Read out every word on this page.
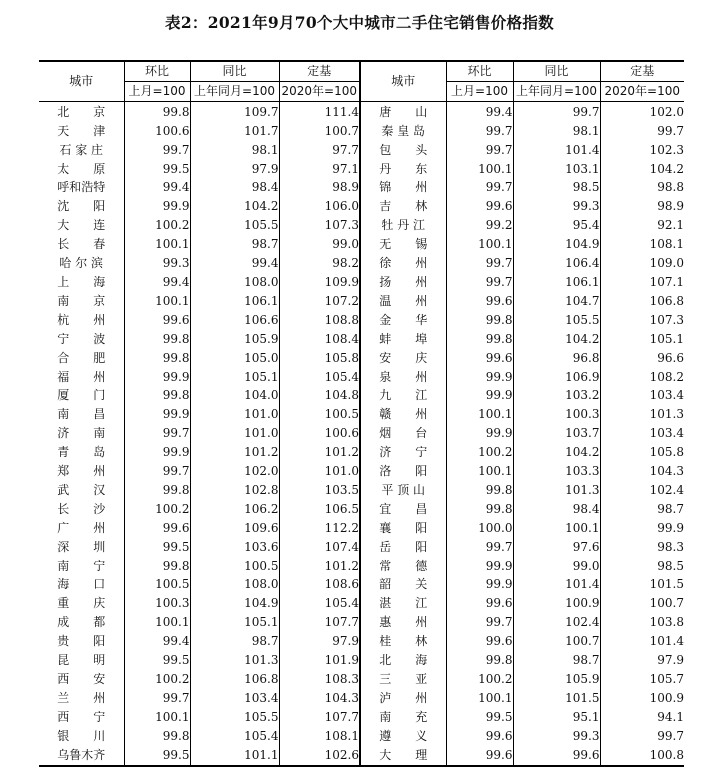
表2：2021年9月70个大中城市二手住宅销售价格指数
城市	环比	同比	定基	城市	环比	同比	定基
	上月=100	上年同月=100	2020年=100		上月=100	上年同月=100	2020年=100
北　　京	99.8	109.7	111.4	唐　　山	99.4	99.7	102.0
天　　津	100.6	101.7	100.7	秦 皇 岛	99.7	98.1	99.7
石 家 庄	99.7	98.1	97.7	包　　头	99.7	101.4	102.3
太　　原	99.5	97.9	97.1	丹　　东	100.1	103.1	104.2
呼和浩特	99.4	98.4	98.9	锦　　州	99.7	98.5	98.8
沈　　阳	99.9	104.2	106.0	吉　　林	99.6	99.3	98.9
大　　连	100.2	105.5	107.3	牡 丹 江	99.2	95.4	92.1
长　　春	100.1	98.7	99.0	无　　锡	100.1	104.9	108.1
哈 尔 滨	99.3	99.4	98.2	徐　　州	99.7	106.4	109.0
上　　海	99.4	108.0	109.9	扬　　州	99.7	106.1	107.1
南　　京	100.1	106.1	107.2	温　　州	99.6	104.7	106.8
杭　　州	99.6	106.6	108.8	金　　华	99.8	105.5	107.3
宁　　波	99.8	105.9	108.4	蚌　　埠	99.8	104.2	105.1
合　　肥	99.8	105.0	105.8	安　　庆	99.6	96.8	96.6
福　　州	99.9	105.1	105.4	泉　　州	99.9	106.9	108.2
厦　　门	99.8	104.0	104.8	九　　江	99.9	103.2	103.4
南　　昌	99.9	101.0	100.5	赣　　州	100.1	100.3	101.3
济　　南	99.7	101.0	100.6	烟　　台	99.9	103.7	103.4
青　　岛	99.9	101.2	101.2	济　　宁	100.2	104.2	105.8
郑　　州	99.7	102.0	101.0	洛　　阳	100.1	103.3	104.3
武　　汉	99.8	102.8	103.5	平 顶 山	99.8	101.3	102.4
长　　沙	100.2	106.2	106.5	宜　　昌	99.8	98.4	98.7
广　　州	99.6	109.6	112.2	襄　　阳	100.0	100.1	99.9
深　　圳	99.5	103.6	107.4	岳　　阳	99.7	97.6	98.3
南　　宁	99.8	100.5	101.2	常　　德	99.9	99.0	98.5
海　　口	100.5	108.0	108.6	韶　　关	99.9	101.4	101.5
重　　庆	100.3	104.9	105.4	湛　　江	99.6	100.9	100.7
成　　都	100.1	105.1	107.7	惠　　州	99.7	102.4	103.8
贵　　阳	99.4	98.7	97.9	桂　　林	99.6	100.7	101.4
昆　　明	99.5	101.3	101.9	北　　海	99.8	98.7	97.9
西　　安	100.2	106.8	108.3	三　　亚	100.2	105.9	105.7
兰　　州	99.7	103.4	104.3	泸　　州	100.1	101.5	100.9
西　　宁	100.1	105.5	107.7	南　　充	99.5	95.1	94.1
银　　川	99.8	105.4	108.1	遵　　义	99.6	99.3	99.7
乌鲁木齐	99.5	101.1	102.6	大　　理	99.6	99.6	100.8
